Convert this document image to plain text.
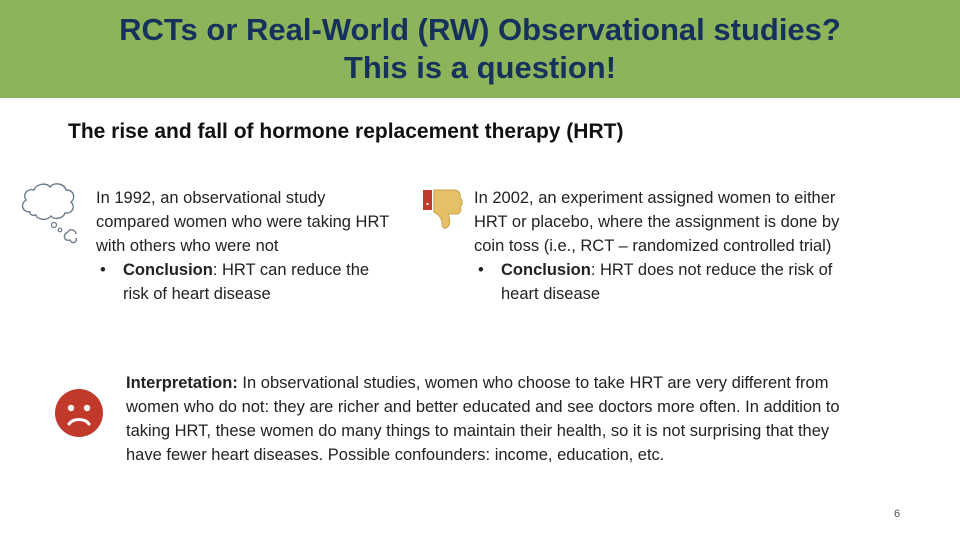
RCTs or Real-World (RW) Observational studies?
This is a question!
The rise and fall of hormone replacement therapy (HRT)

In 1992, an observational study compared women who were taking HRT with others who were not

•	Conclusion: HRT can reduce the risk of heart disease

In 2002, an experiment assigned women to either HRT or placebo, where the assignment is done by coin toss (i.e., RCT – randomized controlled trial)

•	Conclusion: HRT does not reduce the risk of heart disease
Interpretation: In observational studies, women who choose to take HRT are very different from women who do not: they are richer and better educated and see doctors more often. In addition to taking HRT, these women do many things to maintain their health, so it is not surprising that they have fewer heart diseases. Possible confounders: income, education, etc.
6
